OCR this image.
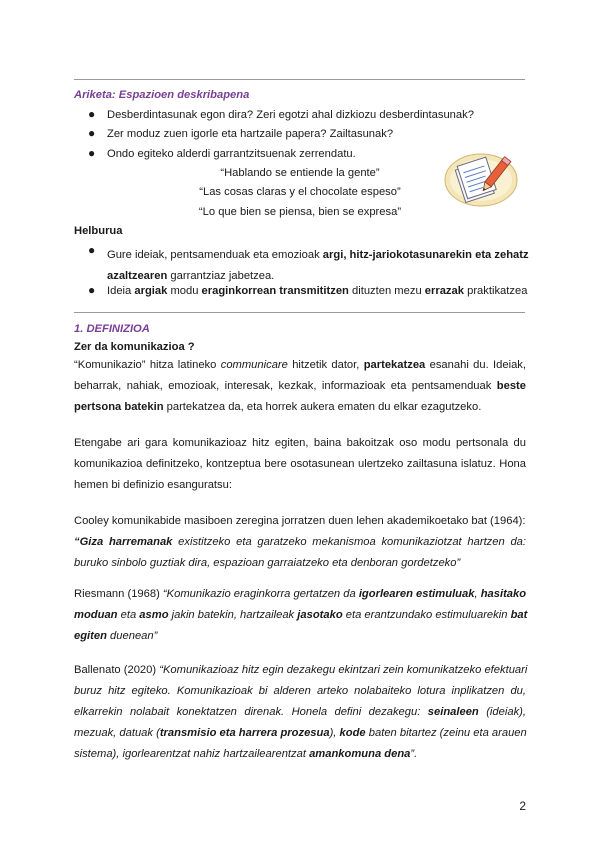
Ariketa: Espazioen deskribapena
● Desberdintasunak egon dira? Zeri egotzi ahal dizkiozu desberdintasunak?
● Zer moduz zuen igorle eta hartzaile papera? Zailtasunak?
● Ondo egiteko alderdi garrantzitsuenak zerrendatu.
“Hablando se entiende la gente”
“Las cosas claras y el chocolate espeso”
“Lo que bien se piensa, bien se expresa”
Helburua
● Gure ideiak, pentsamenduak eta emozioak argi, hitz-jariokotasunarekin eta zehatz
azaltzearen garrantziaz jabetzea.
● Ideia argiak modu eraginkorrean transmititzen dituzten mezu errazak praktikatzea
1. DEFINIZIOA
Zer da komunikazioa ?
“Komunikazio” hitza latineko communicare hitzetik dator, partekatzea esanahi du. Ideiak,
beharrak, nahiak, emozioak, interesak, kezkak, informazioak eta pentsamenduak beste
pertsona batekin partekatzea da, eta horrek aukera ematen du elkar ezagutzeko.
Etengabe ari gara komunikazioaz hitz egiten, baina bakoitzak oso modu pertsonala du
komunikazioa definitzeko, kontzeptua bere osotasunean ulertzeko zailtasuna islatuz. Hona
hemen bi definizio esanguratsu:
Cooley komunikabide masiboen zeregina jorratzen duen lehen akademikoetako bat (1964):
“Giza harremanak existitzeko eta garatzeko mekanismoa komunikaziotzat hartzen da:
buruko sinbolo guztiak dira, espazioan garraiatzeko eta denboran gordetzeko”
Riesmann (1968) “Komunikazio eraginkorra gertatzen da igorlearen estimuluak, hasitako
moduan eta asmo jakin batekin, hartzaileak jasotako eta erantzundako estimuluarekin bat
egiten duenean”
Ballenato (2020) “Komunikazioaz hitz egin dezakegu ekintzari zein komunikatzeko efektuari
buruz hitz egiteko. Komunikazioak bi alderen arteko nolabaiteko lotura inplikatzen du,
elkarrekin nolabait konektatzen direnak. Honela defini dezakegu: seinaleen (ideiak),
mezuak, datuak (transmisio eta harrera prozesua), kode baten bitartez (zeinu eta arauen
sistema), igorlearentzat nahiz hartzailearentzat amankomuna dena”.
2
